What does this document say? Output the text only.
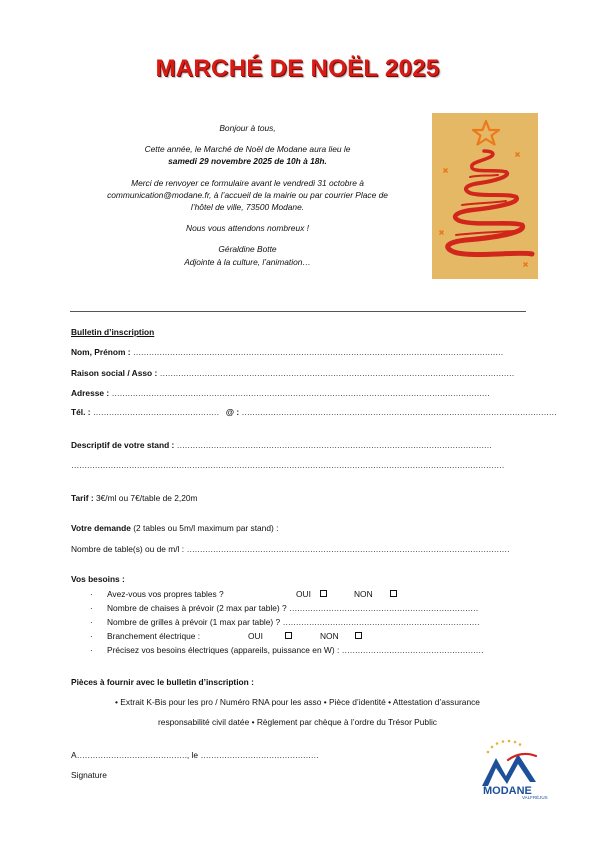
MARCHÉ DE NOËL 2025

Bonjour à tous,

Cette année, le Marché de Noël de Modane aura lieu le

samedi 29 novembre 2025 de 10h à 18h.

Merci de renvoyer ce formulaire avant le vendredi 31 octobre à

communication@modane.fr, à l’accueil de la mairie ou par courrier Place de

l’hôtel de ville, 73500 Modane.

Nous vous attendons nombreux !

Géraldine Botte

Adjointe à la culture, l’animation…

Bulletin d’inscription
Nom, Prénom : ……………………………………………………………………………………………………………………………
Raison social / Asso : ………………………………………………………………………………………………………………………
Adresse : ………………………………………………………………………………………………………………………………
Tél. : ………………………………………… @ : …………………………………………………………………………………………………………
Descriptif de votre stand : …………………………………………………………………………………………………………
…………………………………………………………………………………………………………………………………………………
Tarif : 3€/ml ou 7€/table de 2,20m
Votre demande (2 tables ou 5m/l maximum par stand) :
Nombre de table(s) ou de m/l : ……………………………………………………………………………………………………………
Vos besoins :
· Avez-vous vos propres tables ?	OUI	NON
· Nombre de chaises à prévoir (2 max par table) ? ………………………………………………………………
· Nombre de grilles à prévoir (1 max par table) ? …………………………………………………………………
· Branchement électrique :	OUI	NON
· Précisez vos besoins électriques (appareils, puissance en W) : ………………………………………………
Pièces à fournir avec le bulletin d’inscription :
• Extrait K-Bis pour les pro / Numéro RNA pour les asso • Pièce d’identité • Attestation d’assurance
responsabilité civil datée • Règlement par chèque à l’ordre du Trésor Public
A……………………………………, le ………………………………………
Signature
MODANE
VALFRÉJUS
